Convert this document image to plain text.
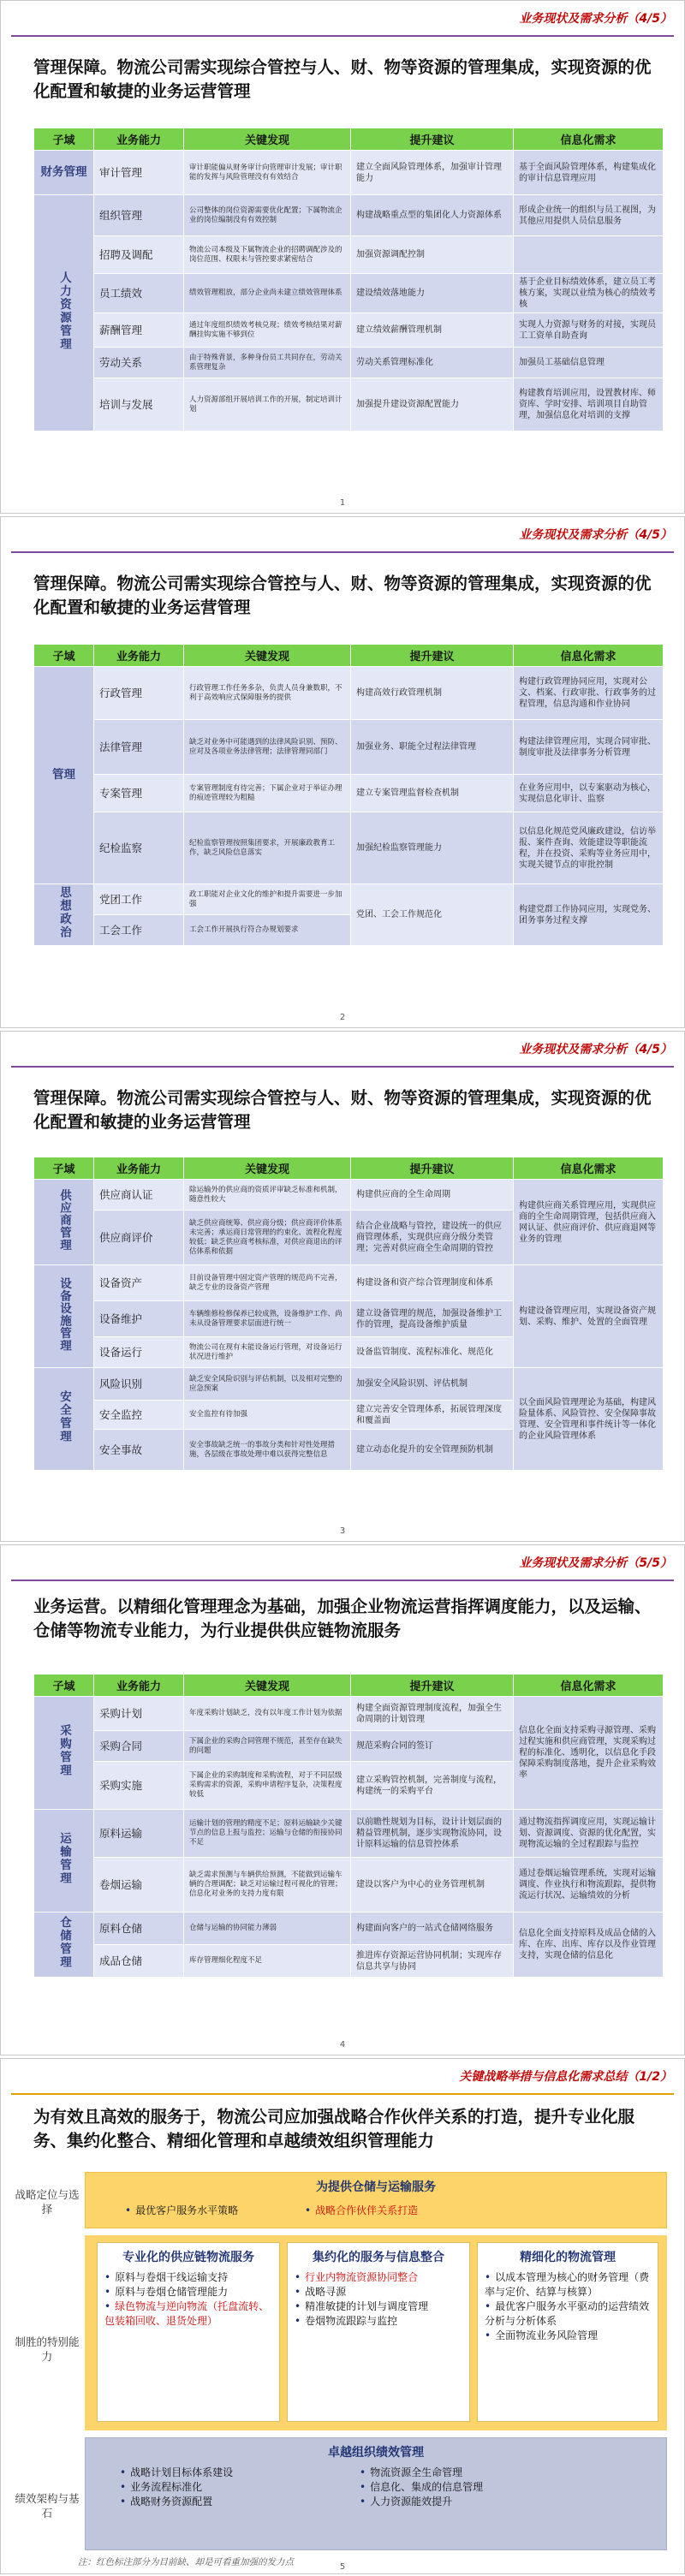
业务现状及需求分析（4/5）
管理保障。物流公司需实现综合管控与人、财、物等资源的管理集成，实现资源的优化配置和敏捷的业务运营管理
子域	业务能力	关键发现	提升建议	信息化需求
财务管理	审计管理	审计职能偏从财务审计向管理审计发展；审计职能的发挥与风险管理没有有效结合	建立全面风险管理体系，加强审计管理能力	基于全面风险管理体系，构建集成化的审计信息管理应用
人力资源管理	组织管理	公司整体的岗位资源需要优化配置；下属物流企业的岗位编制没有有效控制	构建战略重点型的集团化人力资源体系	形成企业统一的组织与员工视图，为其他应用提供人员信息服务
	招聘及调配	物流公司本级及下属物流企业的招聘调配涉及的岗位范围、权限未与管控要求紧密结合	加强资源调配控制	
	员工绩效	绩效管理粗放，部分企业尚未建立绩效管理体系	建设绩效落地能力	基于企业目标绩效体系，建立员工考核方案，实现以业绩为核心的绩效考核
	薪酬管理	通过年度组织绩效考核兑现；绩效考核结果对薪酬挂钩实施不够到位	建立绩效薪酬管理机制	实现人力资源与财务的对接，实现员工工资单自助查询
	劳动关系	由于特殊背景，多种身份员工共同存在，劳动关系管理复杂	劳动关系管理标准化	加强员工基础信息管理
	培训与发展	人力资源部组开展培训工作的开展，制定培训计划	加强提升建设资源配置能力	构建教育培训应用，设置教材库、师资库、学时安排、培训项目自助管理，加强信息化对培训的支撑
1
业务现状及需求分析（4/5）
管理保障。物流公司需实现综合管控与人、财、物等资源的管理集成，实现资源的优化配置和敏捷的业务运营管理
子域	业务能力	关键发现	提升建议	信息化需求
管理	行政管理	行政管理工作任务多杂，负责人员身兼数职，不利于高效响应式保障服务的提供	构建高效行政管理机制	构建行政管理协同应用，实现对公文、档案、行政审批、行政事务的过程管理，信息沟通和作业协同
	法律管理	缺乏对业务中可能遇到的法律风险识别、预防、应对及各项业务法律管理；法律管理同部门	加强业务、职能全过程法律管理	构建法律管理应用，实现合同审批、制度审批及法律事务分析管理
	专案管理	专案管理制度有待完善；下属企业对于举证办理的痕迹管理较为粗糙	建立专案管理监督检查机制	在业务应用中，以专案驱动为核心，实现信息化审计、监察
	纪检监察	纪检监察管理按照集团要求，开展廉政教育工作，缺乏风险信息落实	加强纪检监察管理能力	以信息化规范党风廉政建设，信访举报、案件查询、效能建设等职能流程，并在投资、采购等业务应用中，实现关键节点的审批控制
思想政治	党团工作	政工职能对企业文化的维护和提升需要进一步加强	党团、工会工作规范化	构建党群工作协同应用，实现党务、团务事务过程支撑
	工会工作	工会工作开展执行符合办规划要求		
2
业务现状及需求分析（4/5）
管理保障。物流公司需实现综合管控与人、财、物等资源的管理集成，实现资源的优化配置和敏捷的业务运营管理
子域	业务能力	关键发现	提升建议	信息化需求
供应商管理	供应商认证	除运输外的供应商的资质评审缺乏标准和机制，随意性较大	构建供应商的全生命周期	构建供应商关系管理应用，实现供应商的全生命周期管理，包括供应商入网认证、供应商评价、供应商退网等业务的管理
	供应商评价	缺乏供应商统筹、供应商分级；供应商评价体系未完善；承运商日常管理的约束化、流程化程度较低；缺乏供应商考核标准，对供应商退出的评估体系和依据	结合企业战略与管控，建设统一的供应商管理体系，实现供应商分级分类管理；完善对供应商全生命周期的管控	
设备设施管理	设备资产	目前设备管理中固定资产管理的规范尚不完善，缺乏专业的设备资产管理	构建设备和资产综合管理制度和体系	构建设备管理应用，实现设备资产规划、采购、维护、处置的全面管理
	设备维护	车辆维修检修保养已较成熟，设备维护工作、尚未从设备管理要求层面进行统一	建立设备管理的规范，加强设备维护工作的管理，提高设备维护质量	
	设备运行	物流公司在现有未能设备运行管理，对设备运行状况进行维护	设备监管制度、流程标准化、规范化	
安全管理	风险识别	缺乏安全风险识别与评估机制，以及相对完整的应急预案	加强安全风险识别、评估机制	以全面风险管理理论为基础，构建风险量体系、风险管控、安全保障事故管理、安全管理和事件统计等一体化的企业风险管理体系
	安全监控	安全监控有待加强	建立完善安全管理体系，拓展管理深度和覆盖面	
	安全事故	安全事故缺乏统一的事故分类和针对性处理措施，各层级在事故处理中难以获得完整信息	建立动态化提升的安全管理预防机制	
3
业务现状及需求分析（5/5）
业务运营。以精细化管理理念为基础，加强企业物流运营指挥调度能力，以及运输、仓储等物流专业能力，为行业提供供应链物流服务
子域	业务能力	关键发现	提升建议	信息化需求
采购管理	采购计划	年度采购计划缺乏，没有以年度工作计划为依据	构建全面资源管理制度流程，加强全生命周期的计划管理	信息化全面支持采购寻源管理、采购过程实施和供应商管理，实现采购过程的标准化、透明化，以信息化手段保障采购制度落地，提升企业采购效率
	采购合同	下属企业的采购合同管理不规范，甚至存在缺失的问题	规范采购合同的签订	
	采购实施	下属企业的采购制度和采购流程，对于不同层级采购需求的资源，采购申请程序复杂，决策程度较低	建立采购管控机制，完善制度与流程，构建统一的采购平台	
运输管理	原料运输	运输计划的管理的精度不足；原料运输缺少关键节点的信息上报与监控；运输与仓储的衔接协同不足	以前瞻性规划为目标，设计计划层面的精益管理机制，逐步实现物流协同，设计原料运输的信息管控体系	通过物流指挥调度应用，实现运输计划、资源调度、资源的优化配置，实现物流运输的全过程跟踪与监控
	卷烟运输	缺乏需求预测与车辆供给预测，不能做到运输车辆的合理调配；缺乏对运输过程可视化的管理；信息化对业务的支持力度有限	建设以客户为中心的业务管理机制	通过卷烟运输管理系统，实现对运输调度、作业执行和物流跟踪，提供物流运行状况、运输绩效的分析
仓储管理	原料仓储	仓储与运输的协同能力薄弱	构建面向客户的一站式仓储网络服务	信息化全面支持原料及成品仓储的入库、在库、出库、库存以及作业管理支持，实现仓储的信息化
	成品仓储	库存管理细化程度不足	推进库存资源运营协同机制；实现库存信息共享与协同	
4
关键战略举措与信息化需求总结（1/2）
为有效且高效的服务于，物流公司应加强战略合作伙伴关系的打造，提升专业化服务、集约化整合、精细化管理和卓越绩效组织管理能力
战略定位与选择
制胜的特别能力
绩效架构与基石
为提供仓储与运输服务
• 最优客户服务水平策略	• 战略合作伙伴关系打造
专业化的供应链物流服务
• 原料与卷烟干线运输支持
• 原料与卷烟仓储管理能力
• 绿色物流与逆向物流（托盘流转、包装箱回收、退货处理）
集约化的服务与信息整合
• 行业内物流资源协同整合
• 战略寻源
• 精准敏捷的计划与调度管理
• 卷烟物流跟踪与监控
精细化的物流管理
• 以成本管理为核心的财务管理（费率与定价、结算与核算）
• 最优客户服务水平驱动的运营绩效分析与分析体系
• 全面物流业务风险管理
卓越组织绩效管理
• 战略计划目标体系建设
• 业务流程标准化
• 战略财务资源配置
• 物流资源全生命管理
• 信息化、集成的信息管理
• 人力资源能效提升
注：红色标注部分为目前缺、却是可看重加强的发力点	5
